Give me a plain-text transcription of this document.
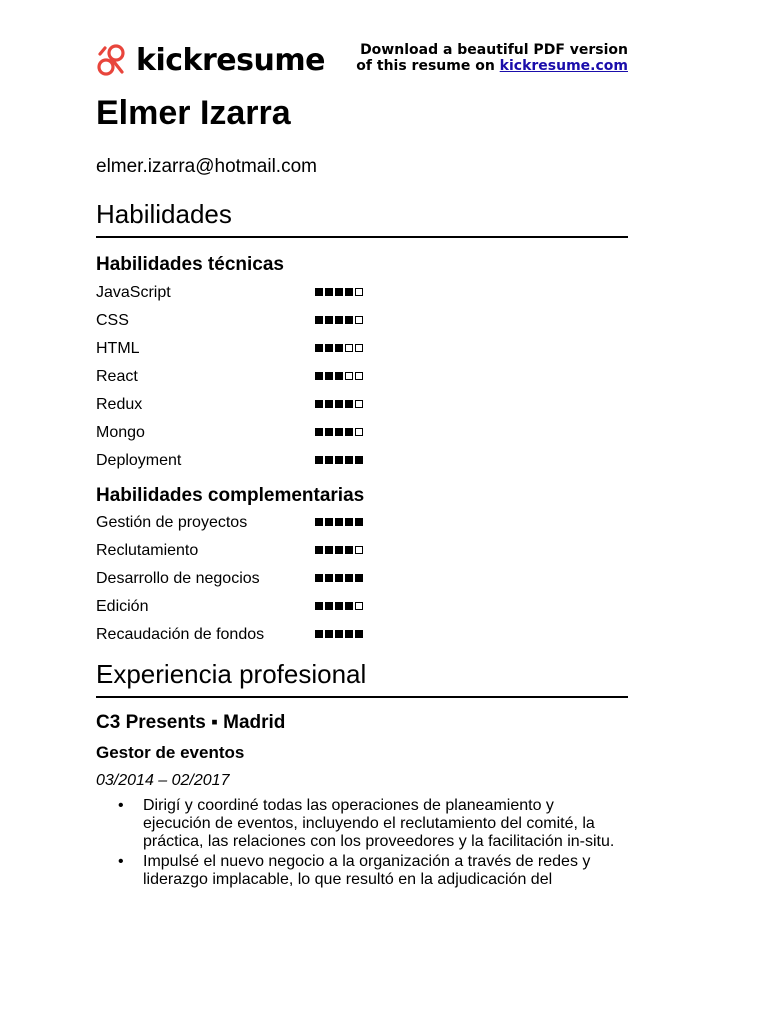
kickresume	Download a beautiful PDF version
of this resume on kickresume.com
Elmer Izarra
elmer.izarra@hotmail.com
Habilidades
Habilidades técnicas
JavaScript
CSS
HTML
React
Redux
Mongo
Deployment
Habilidades complementarias
Gestión de proyectos
Reclutamiento
Desarrollo de negocios
Edición
Recaudación de fondos
Experiencia profesional
C3 Presents ▪ Madrid
Gestor de eventos
03/2014 – 02/2017
• Dirigí y coordiné todas las operaciones de planeamiento y ejecución de eventos, incluyendo el reclutamiento del comité, la práctica, las relaciones con los proveedores y la facilitación in-situ.
• Impulsé el nuevo negocio a la organización a través de redes y liderazgo implacable, lo que resultó en la adjudicación del
